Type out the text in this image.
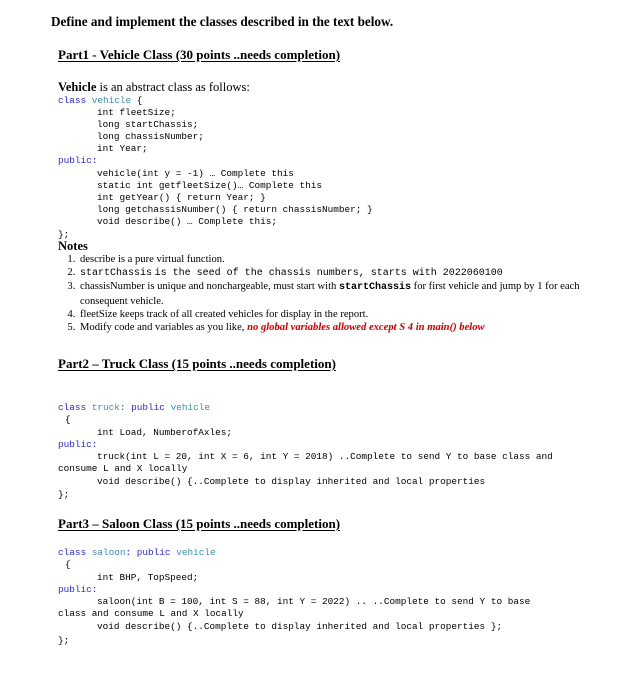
Define and implement the classes described in the text below.
Part1 - Vehicle Class (30 points ..needs completion)
Vehicle is an abstract class as follows:
class vehicle {
int fleetSize;
long startChassis;
long chassisNumber;
int Year;
public:
vehicle(int y = -1) … Complete this
static int getfleetSize()… Complete this
int getYear() { return Year; }
long getchassisNumber() { return chassisNumber; }
void describe() … Complete this;
};
Notes
1. describe is a pure virtual function.
2. startChassis is the seed of the chassis numbers, starts with 2022060100
3. chassisNumber is unique and nonchargeable, must start with startChassis for first vehicle and jump by 1 for each consequent vehicle.
4. fleetSize keeps track of all created vehicles for display in the report.
5. Modify code and variables as you like, no global variables allowed except S 4 in main() below
Part2 – Truck Class (15 points ..needs completion)
class truck: public vehicle
{
int Load, NumberofAxles;
public:
truck(int L = 20, int X = 6, int Y = 2018) ..Complete to send Y to base class and
consume L and X locally
void describe() {..Complete to display inherited and local properties
};
Part3 – Saloon Class (15 points ..needs completion)
class saloon: public vehicle
{
int BHP, TopSpeed;
public:
saloon(int B = 100, int S = 88, int Y = 2022) .. ..Complete to send Y to base
class and consume L and X locally
void describe() {..Complete to display inherited and local properties };
};
